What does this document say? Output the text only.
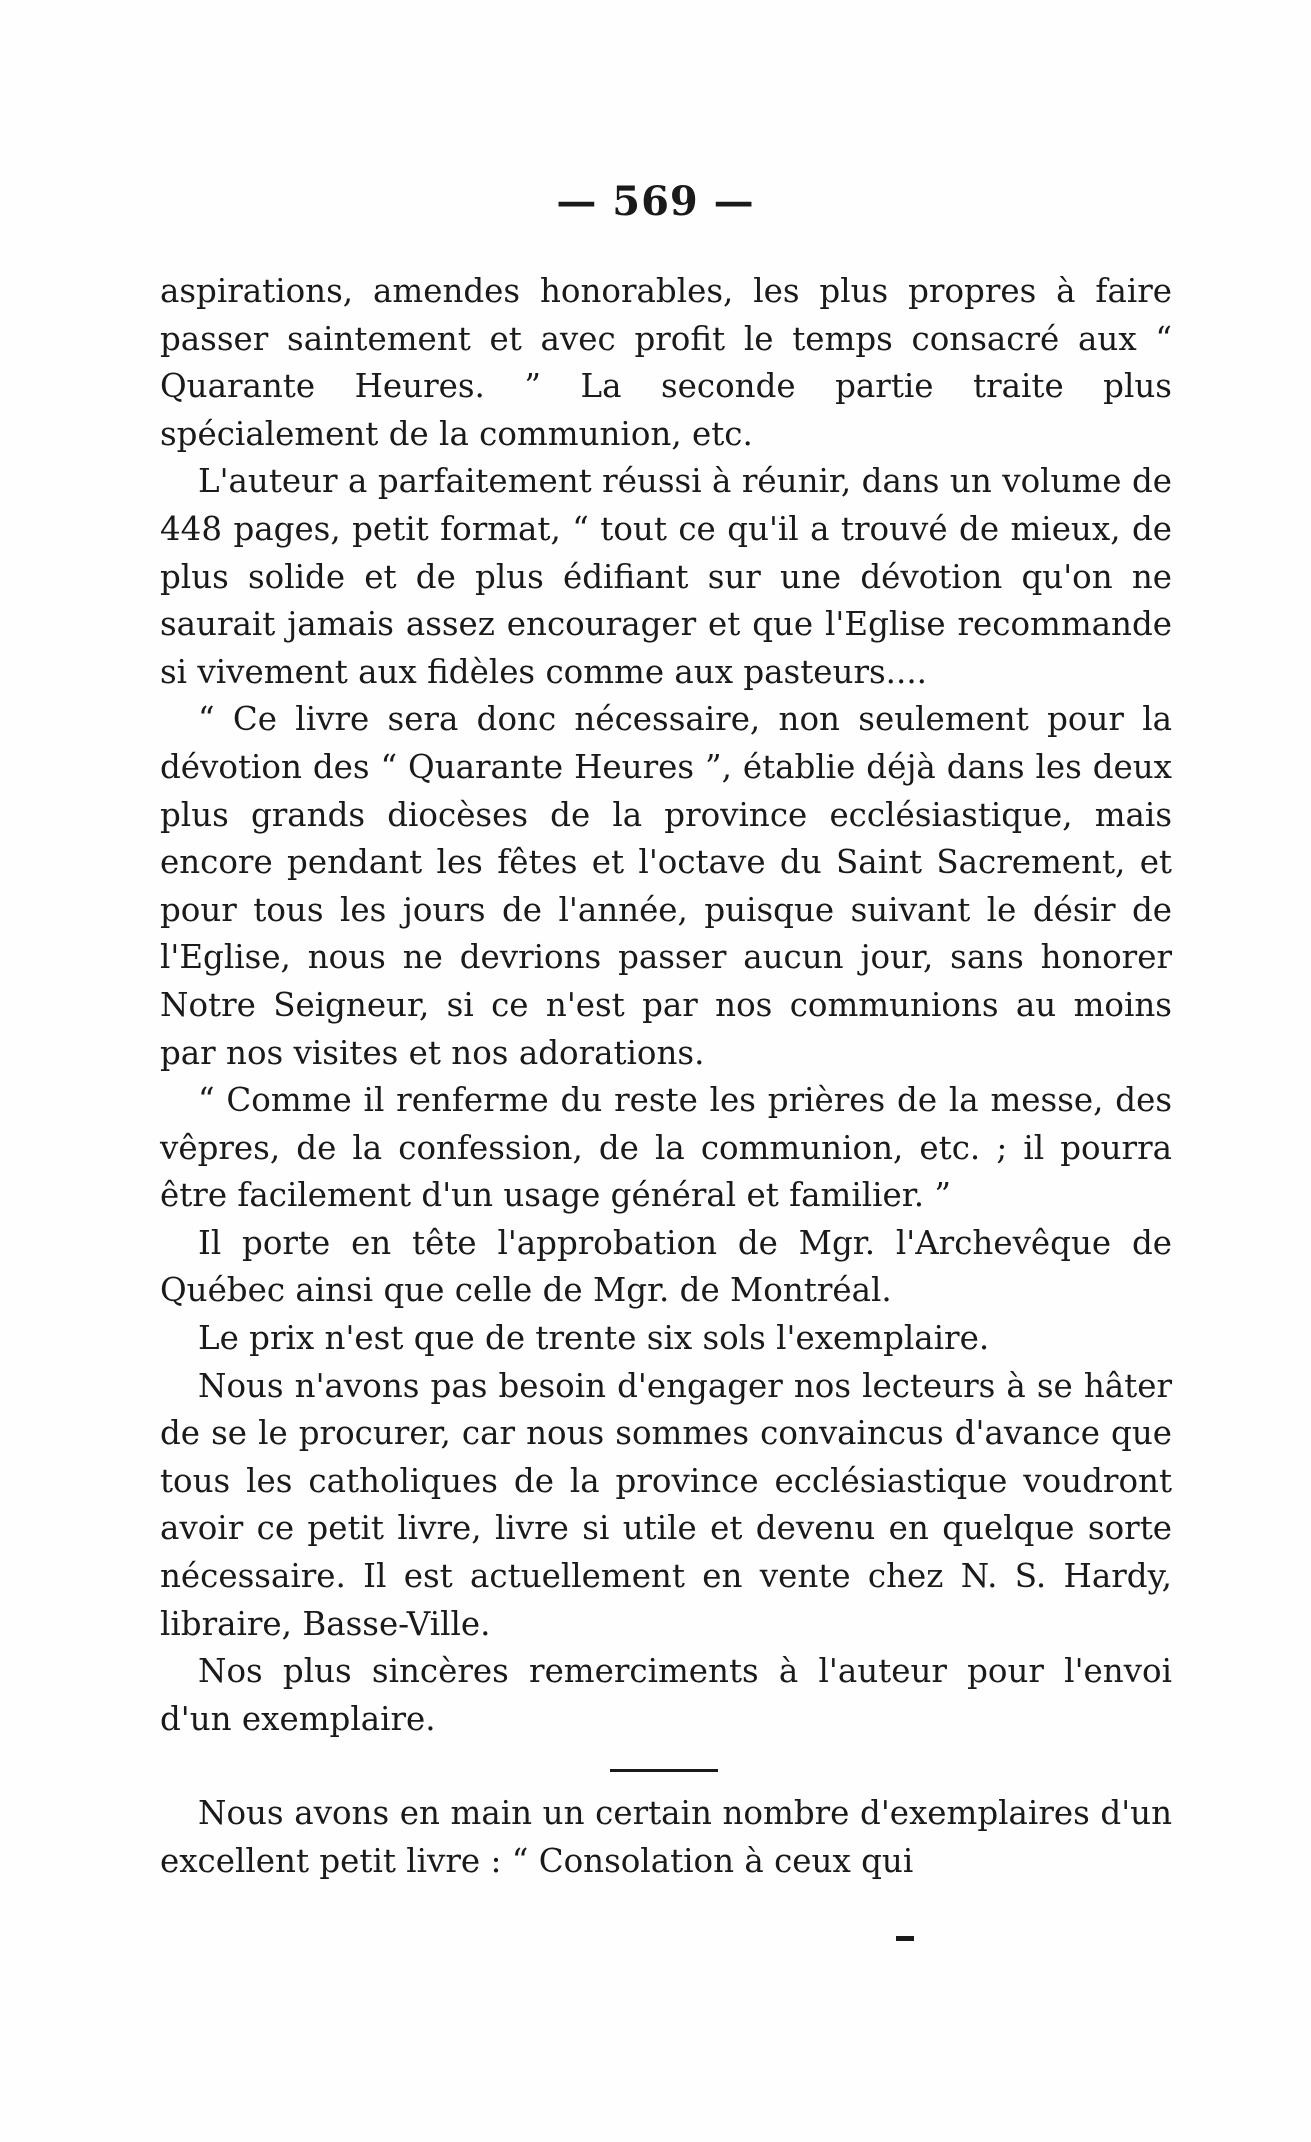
— 569 —

aspirations, amendes honorables, les plus propres à faire passer saintement et avec profit le temps consacré aux “ Quarante Heures. ” La seconde partie traite plus spécialement de la communion, etc.

L'auteur a parfaitement réussi à réunir, dans un volume de 448 pages, petit format, “ tout ce qu'il a trouvé de mieux, de plus solide et de plus édifiant sur une dévotion qu'on ne saurait jamais assez encourager et que l'Eglise recommande si vivement aux fidèles comme aux pasteurs....

“ Ce livre sera donc nécessaire, non seulement pour la dévotion des “ Quarante Heures ”, établie déjà dans les deux plus grands diocèses de la province ecclésiastique, mais encore pendant les fêtes et l'octave du Saint Sacrement, et pour tous les jours de l'année, puisque suivant le désir de l'Eglise, nous ne devrions passer aucun jour, sans honorer Notre Seigneur, si ce n'est par nos communions au moins par nos visites et nos adorations.

“ Comme il renferme du reste les prières de la messe, des vêpres, de la confession, de la communion, etc. ; il pourra être facilement d'un usage général et familier. ”

Il porte en tête l'approbation de Mgr. l'Archevêque de Québec ainsi que celle de Mgr. de Montréal.

Le prix n'est que de trente six sols l'exemplaire.

Nous n'avons pas besoin d'engager nos lecteurs à se hâter de se le procurer, car nous sommes convaincus d'avance que tous les catholiques de la province ecclésiastique voudront avoir ce petit livre, livre si utile et devenu en quelque sorte nécessaire. Il est actuellement en vente chez N. S. Hardy, libraire, Basse-Ville.

Nos plus sincères remerciments à l'auteur pour l'envoi d'un exemplaire.

Nous avons en main un certain nombre d'exemplaires d'un excellent petit livre : “ Consolation à ceux qui
